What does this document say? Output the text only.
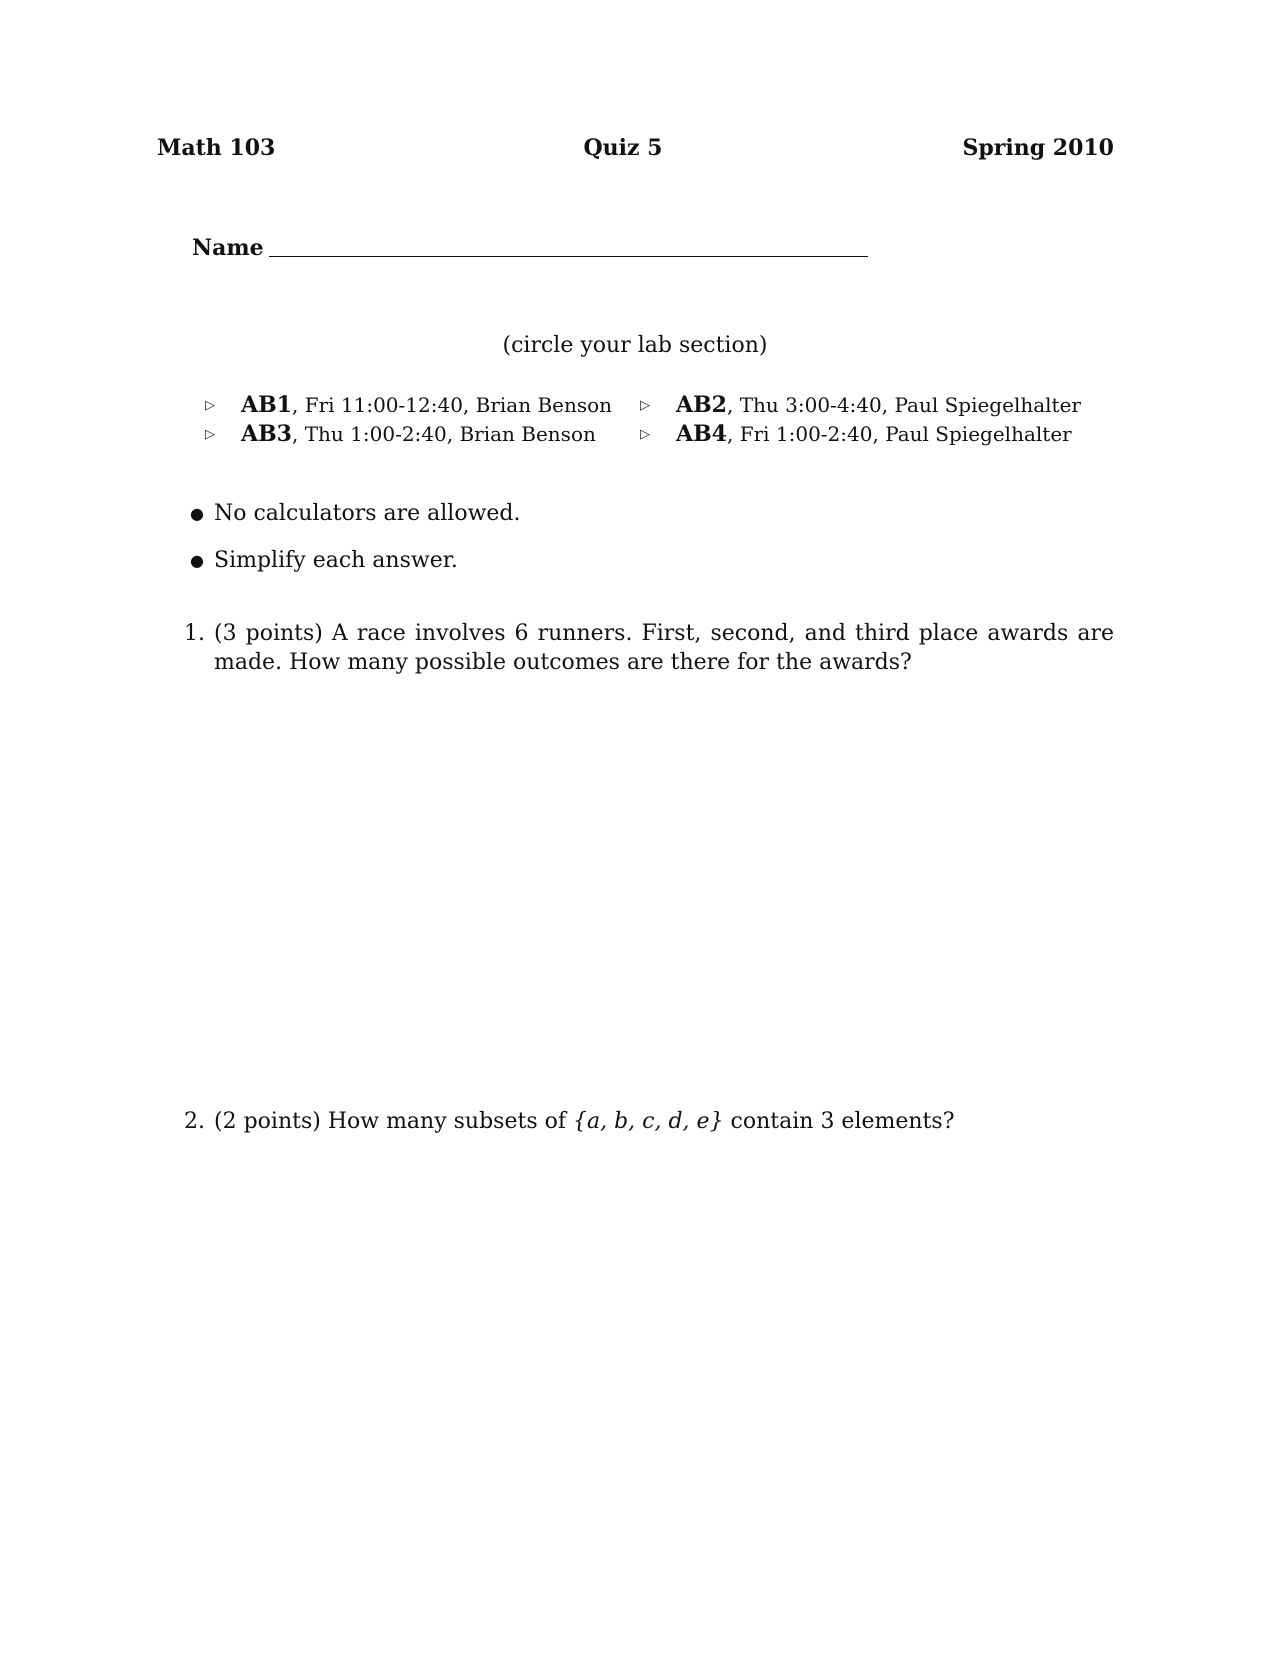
Math 103	Quiz 5	Spring 2010
Name
(circle your lab section)
▷	AB1 , Fri 11:00-12:40, Brian Benson ▷	AB2 , Thu 3:00-4:40, Paul Spiegelhalter
▷	AB3 , Thu 1:00-2:40, Brian Benson	▷	AB4 , Fri 1:00-2:40, Paul Spiegelhalter
● No calculators are allowed.
● Simplify each answer.
1. (3 points) A race involves 6 runners. First, second, and third place awards are made. How many possible outcomes are there for the awards?
2. (2 points) How many subsets of {a, b, c, d, e} contain 3 elements?
